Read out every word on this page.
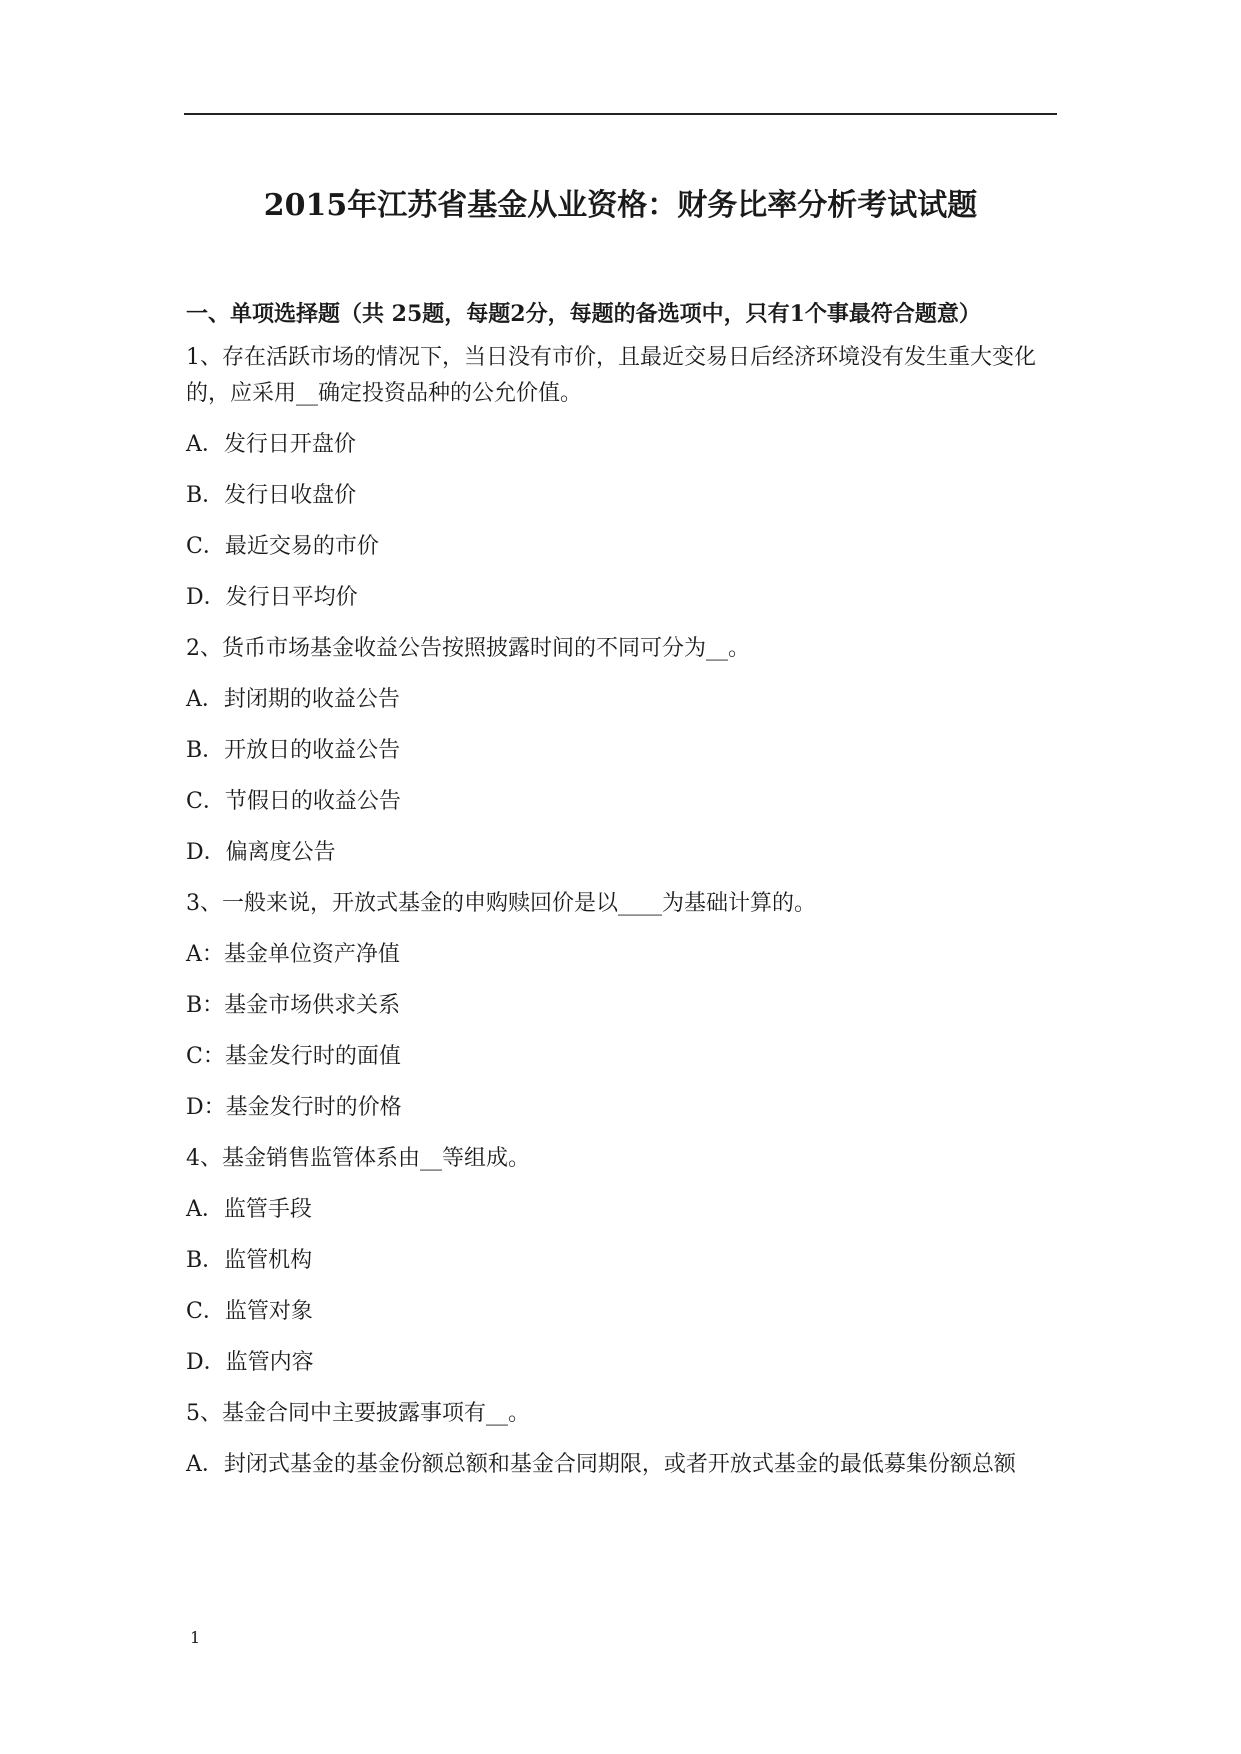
2015年江苏省基金从业资格：财务比率分析考试试题
一、单项选择题（共 25题，每题2分，每题的备选项中，只有1个事最符合题意）
1、存在活跃市场的情况下，当日没有市价，且最近交易日后经济环境没有发生重大变化的，应采用__确定投资品种的公允价值。
A．发行日开盘价
B．发行日收盘价
C．最近交易的市价
D．发行日平均价
2、货币市场基金收益公告按照披露时间的不同可分为__。
A．封闭期的收益公告
B．开放日的收益公告
C．节假日的收益公告
D．偏离度公告
3、一般来说，开放式基金的申购赎回价是以____为基础计算的。
A：基金单位资产净值
B：基金市场供求关系
C：基金发行时的面值
D：基金发行时的价格
4、基金销售监管体系由__等组成。
A．监管手段
B．监管机构
C．监管对象
D．监管内容
5、基金合同中主要披露事项有__。
A．封闭式基金的基金份额总额和基金合同期限，或者开放式基金的最低募集份额总额
1
